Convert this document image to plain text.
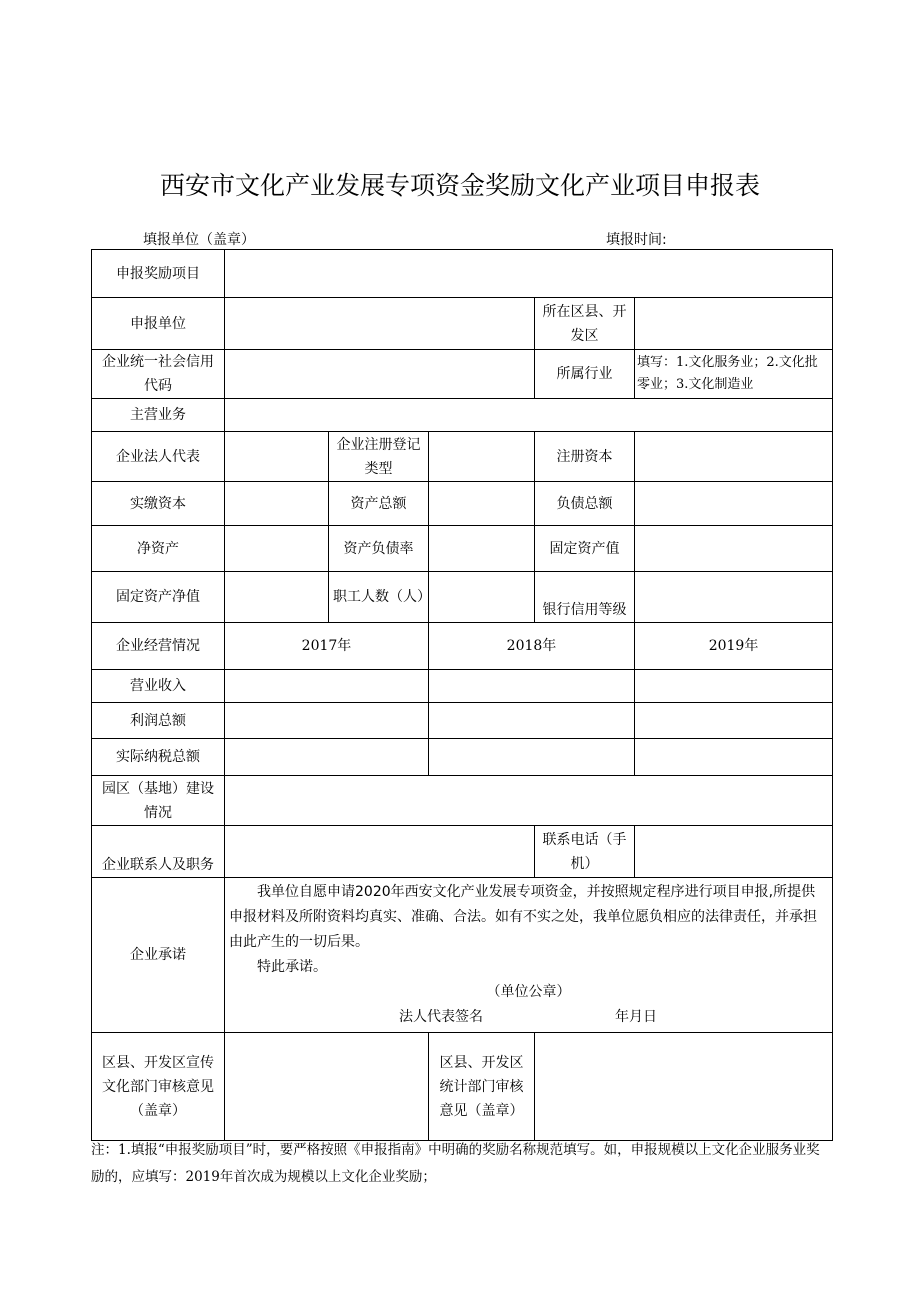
西安市文化产业发展专项资金奖励文化产业项目申报表
填报单位（盖章）	填报时间:
申报奖励项目					
申报单位				所在区县、开发区	
企业统一社会信用代码				所属行业	填写：1.文化服务业；2.文化批零业；3.文化制造业
主营业务					
企业法人代表		企业注册登记类型		注册资本	
实缴资本		资产总额		负债总额	
净资产		资产负债率		固定资产值	
固定资产净值		职工人数（人）		银行信用等级	
企业经营情况	2017年		2018年		2019年
营业收入					
利润总额					
实际纳税总额					
园区（基地）建设情况					
企业联系人及职务				联系电话（手机）	
企业承诺	我单位自愿申请2020年西安文化产业发展专项资金，并按照规定程序进行项目申报,所提供申报材料及所附资料均真实、准确、合法。如有不实之处，我单位愿负相应的法律责任，并承担由此产生的一切后果。

特此承诺。

（单位公章）

法人代表签名 年月日				

区县、开发区宣传文化部门审核意见（盖章）			区县、开发区统计部门审核意见（盖章）		
注：1.填报“申报奖励项目”时，要严格按照《申报指南》中明确的奖励名称规范填写。如，申报规模以上文化企业服务业奖励的，应填写：2019年首次成为规模以上文化企业奖励；
